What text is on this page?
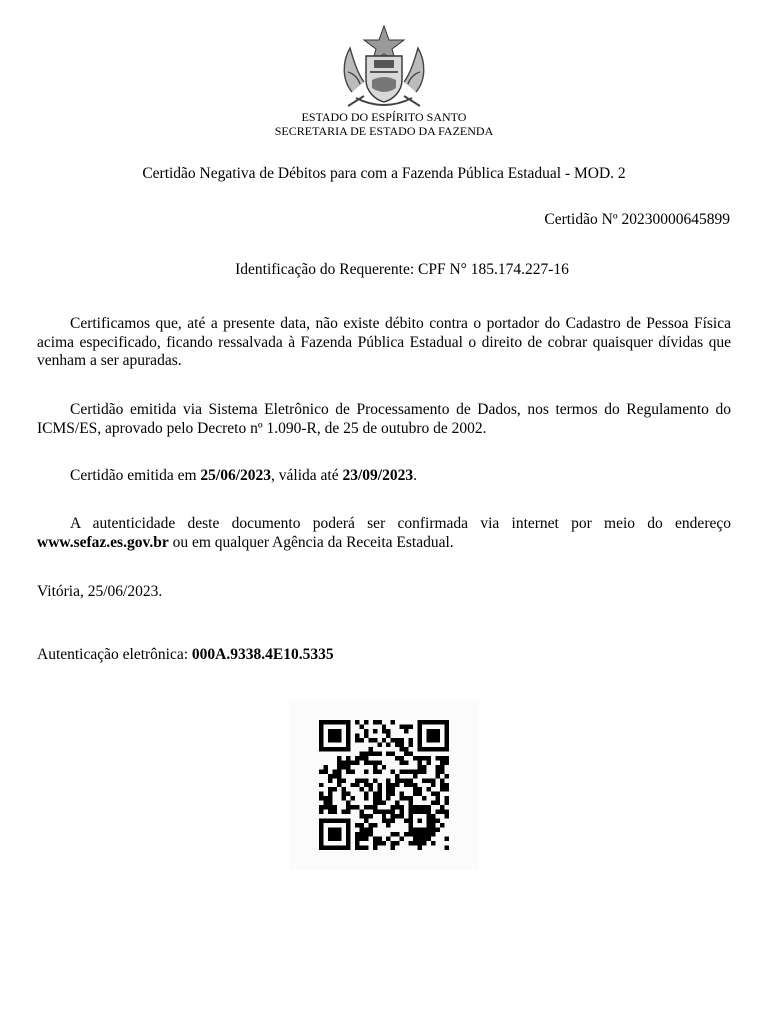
ESTADO DO ESPÍRITO SANTO
SECRETARIA DE ESTADO DA FAZENDA
Certidão Negativa de Débitos para com a Fazenda Pública Estadual - MOD. 2
Certidão Nº 20230000645899
Identificação do Requerente: CPF N° 185.174.227-16

Certificamos que, até a presente data, não existe débito contra o portador do Cadastro de Pessoa Física acima especificado, ficando ressalvada à Fazenda Pública Estadual o direito de cobrar quaisquer dívidas que venham a ser apuradas.

Certidão emitida via Sistema Eletrônico de Processamento de Dados, nos termos do Regulamento do ICMS/ES, aprovado pelo Decreto nº 1.090-R, de 25 de outubro de 2002.

Certidão emitida em 25/06/2023, válida até 23/09/2023.

A autenticidade deste documento poderá ser confirmada via internet por meio do endereço www.sefaz.es.gov.br ou em qualquer Agência da Receita Estadual.

Vitória, 25/06/2023.
Autenticação eletrônica: 000A.9338.4E10.5335
